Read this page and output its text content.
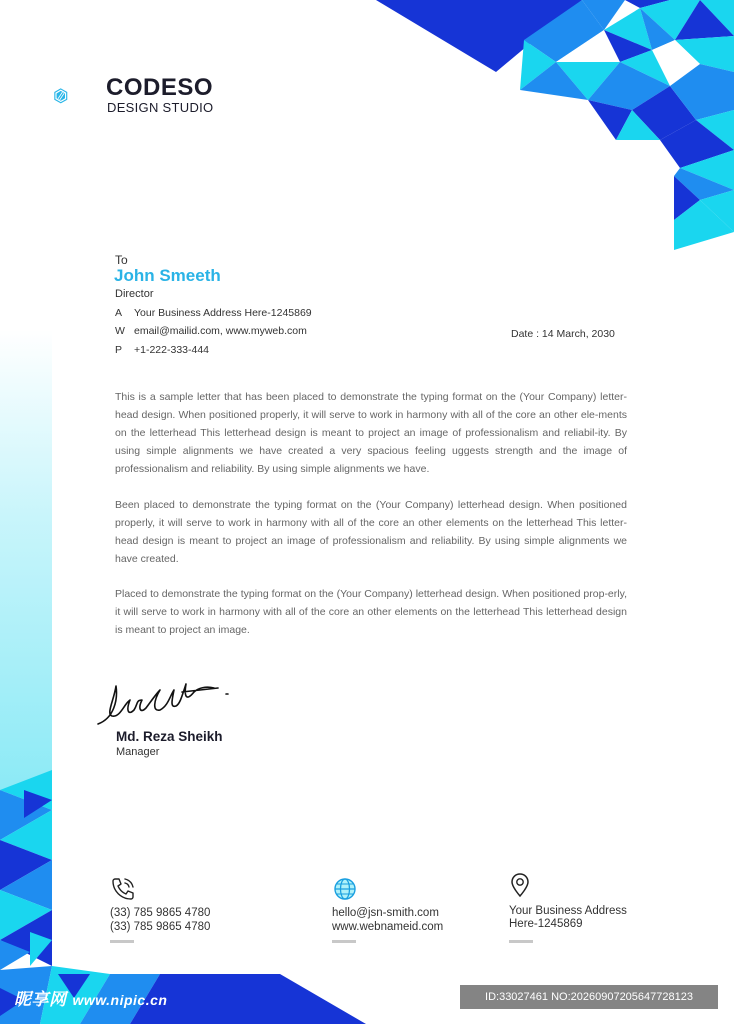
CODESO
DESIGN STUDIO
To
John Smeeth
Director
A Your Business Address Here-1245869
W email@mailid.com, www.myweb.com
P +1-222-333-444
Date : 14 March, 2030

This is a sample letter that has been placed to demonstrate the typing format on the (Your Company) letter-head design. When positioned properly, it will serve to work in harmony with all of the core an other ele-ments on the letterhead This letterhead design is meant to project an image of professionalism and reliabil-ity. By using simple alignments we have created a very spacious feeling uggests strength and the image of professionalism and reliability. By using simple alignments we have.

Been placed to demonstrate the typing format on the (Your Company) letterhead design. When positioned properly, it will serve to work in harmony with all of the core an other elements on the letterhead This letter-head design is meant to project an image of professionalism and reliability. By using simple alignments we have created.

Placed to demonstrate the typing format on the (Your Company) letterhead design. When positioned prop-erly, it will serve to work in harmony with all of the core an other elements on the letterhead This letterhead design is meant to project an image.

Md. Reza Sheikh
Manager
(33) 785 9865 4780
(33) 785 9865 4780
hello@jsn-smith.com
www.webnameid.com
Your Business Address
Here-1245869
昵享网 www.nipic.cn	ID:33027461 NO:20260907205647728123
